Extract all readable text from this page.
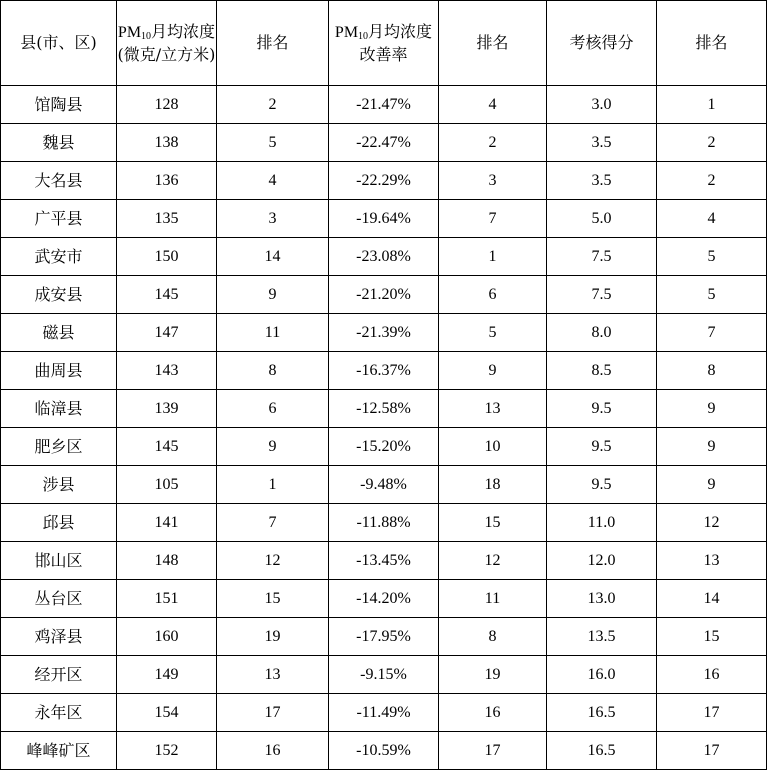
县(市、区)	$PM_{10}$月均浓度(微克/立方米)	排名	$PM_{10}$月均浓度改善率	排名	考核得分	排名
馆陶县	128	2	-21.47%	4	3.0	1
魏县	138	5	-22.47%	2	3.5	2
大名县	136	4	-22.29%	3	3.5	2
广平县	135	3	-19.64%	7	5.0	4
武安市	150	14	-23.08%	1	7.5	5
成安县	145	9	-21.20%	6	7.5	5
磁县	147	11	-21.39%	5	8.0	7
曲周县	143	8	-16.37%	9	8.5	8
临漳县	139	6	-12.58%	13	9.5	9
肥乡区	145	9	-15.20%	10	9.5	9
涉县	105	1	-9.48%	18	9.5	9
邱县	141	7	-11.88%	15	11.0	12
邯山区	148	12	-13.45%	12	12.0	13
丛台区	151	15	-14.20%	11	13.0	14
鸡泽县	160	19	-17.95%	8	13.5	15
经开区	149	13	-9.15%	19	16.0	16
永年区	154	17	-11.49%	16	16.5	17
峰峰矿区	152	16	-10.59%	17	16.5	17
